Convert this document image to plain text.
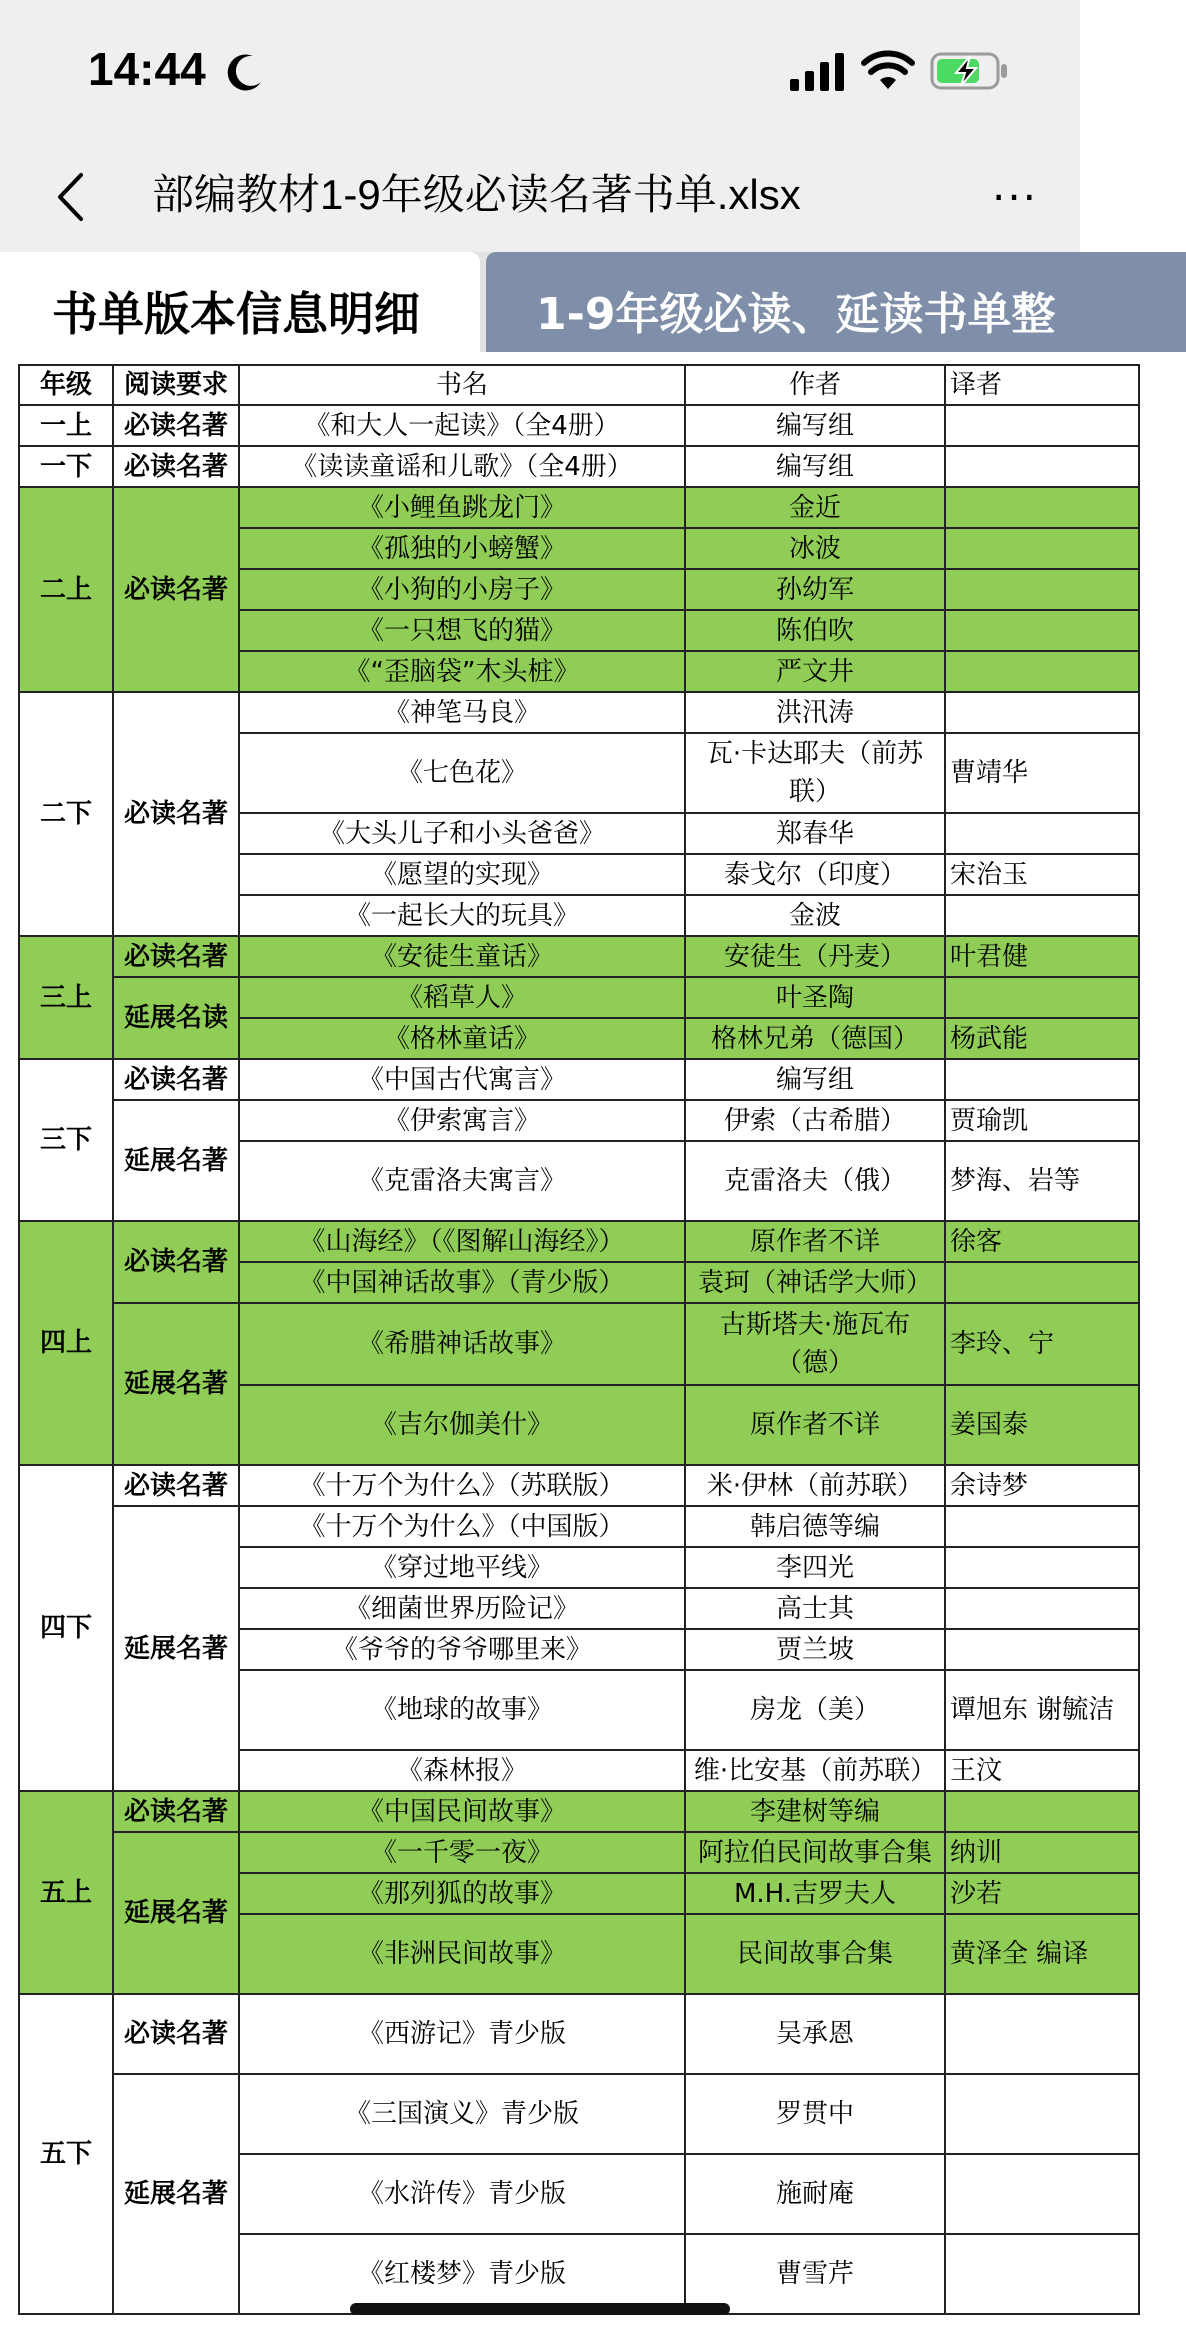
14:44
部编教材1-9年级必读名著书单.xlsx	···
书单版本信息明细	1-9年级必读、延读书单整
年级	阅读要求	书名	作者	译者
一上	必读名著	《和大人一起读》（全4册）	编写组	
一下	必读名著	《读读童谣和儿歌》（全4册）	编写组	
二上	必读名著	《小鲤鱼跳龙门》	金近	
		《孤独的小螃蟹》	冰波	
		《小狗的小房子》	孙幼军	
		《一只想飞的猫》	陈伯吹	
		《“歪脑袋”木头桩》	严文井	
二下	必读名著	《神笔马良》	洪汛涛	
		《七色花》	瓦·卡达耶夫（前苏联）	曹靖华
		《大头儿子和小头爸爸》	郑春华	
		《愿望的实现》	泰戈尔（印度）	宋治玉
		《一起长大的玩具》	金波	
三上	必读名著	《安徒生童话》	安徒生（丹麦）	叶君健
	延展名读	《稻草人》	叶圣陶	
		《格林童话》	格林兄弟（德国）	杨武能
三下	必读名著	《中国古代寓言》	编写组	
	延展名著	《伊索寓言》	伊索（古希腊）	贾瑜凯
		《克雷洛夫寓言》	克雷洛夫（俄）	梦海、岩等
四上	必读名著	《山海经》（《图解山海经》）	原作者不详	徐客
		《中国神话故事》（青少版）	袁珂（神话学大师）	
	延展名著	《希腊神话故事》	古斯塔夫·施瓦布（德）	李玲、宁
		《吉尔伽美什》	原作者不详	姜国泰
四下	必读名著	《十万个为什么》（苏联版）	米·伊林（前苏联）	余诗梦
	延展名著	《十万个为什么》（中国版）	韩启德等编	
		《穿过地平线》	李四光	
		《细菌世界历险记》	高士其	
		《爷爷的爷爷哪里来》	贾兰坡	
		《地球的故事》	房龙（美）	谭旭东 谢毓洁
		《森林报》	维·比安基（前苏联）	王汶
五上	必读名著	《中国民间故事》	李建树等编	
	延展名著	《一千零一夜》	阿拉伯民间故事合集	纳训
		《那列狐的故事》	M.H.吉罗夫人	沙若
		《非洲民间故事》	民间故事合集	黄泽全 编译
五下	必读名著	《西游记》青少版	吴承恩	
	延展名著	《三国演义》青少版	罗贯中	
		《水浒传》青少版	施耐庵	
		《红楼梦》青少版	曹雪芹	
